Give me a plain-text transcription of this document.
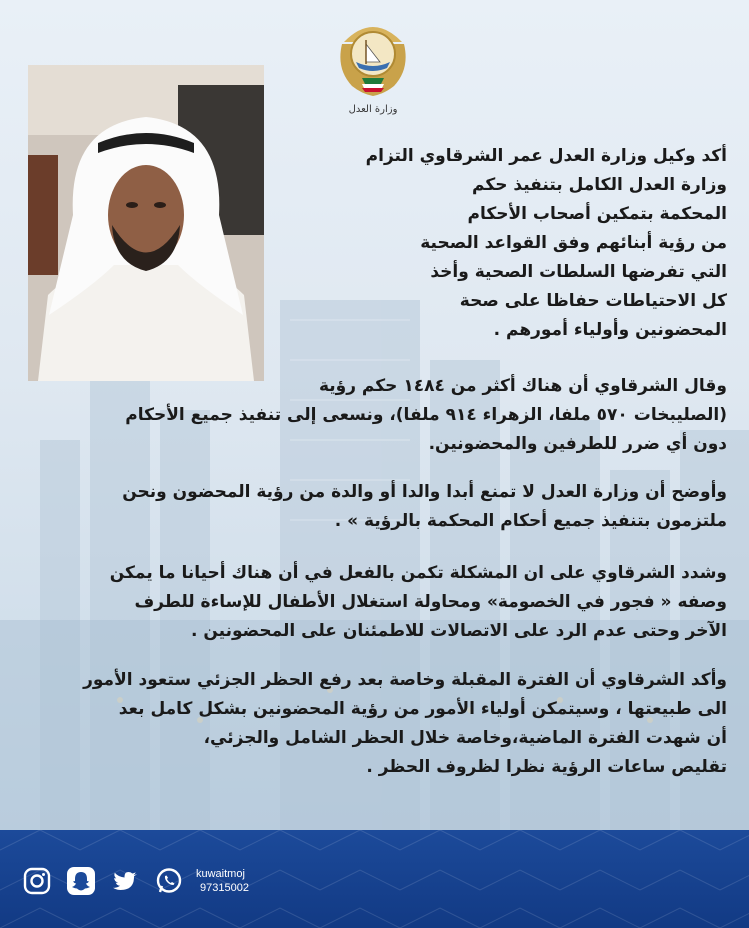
وزارة العدل
أكد وكيل وزارة العدل عمر الشرقاوي التزام
وزارة العدل الكامل بتنفيذ حكم
المحكمة بتمكين أصحاب الأحكام
من رؤية أبنائهم وفق القواعد الصحية
التي تفرضها السلطات الصحية وأخذ
كل الاحتياطات حفاظا على صحة
المحضونين وأولياء أمورهم .
وقال الشرقاوي أن هناك أكثر من ١٤٨٤ حكم رؤية
(الصليبخات ٥٧٠ ملفا، الزهراء ٩١٤ ملفا)، ونسعى إلى تنفيذ جميع الأحكام
دون أي ضرر للطرفين والمحضونين.
وأوضح أن وزارة العدل لا تمنع أبدا والدا أو والدة من رؤية المحضون ونحن
ملتزمون بتنفيذ جميع أحكام المحكمة بالرؤية » .
وشدد الشرقاوي على ان المشكلة تكمن بالفعل في أن هناك أحيانا ما يمكن
وصفه « فجور في الخصومة» ومحاولة استغلال الأطفال للإساءة للطرف
الآخر وحتى عدم الرد على الاتصالات للاطمئنان على المحضونين .
وأكد الشرقاوي أن الفترة المقبلة وخاصة بعد رفع الحظر الجزئي ستعود الأمور
الى طبيعتها ، وسيتمكن أولياء الأمور من رؤية المحضونين بشكل كامل بعد
أن شهدت الفترة الماضية،وخاصة خلال الحظر الشامل والجزئي،
تقليص ساعات الرؤية نظرا لظروف الحظر .
kuwaitmoj
97315002
